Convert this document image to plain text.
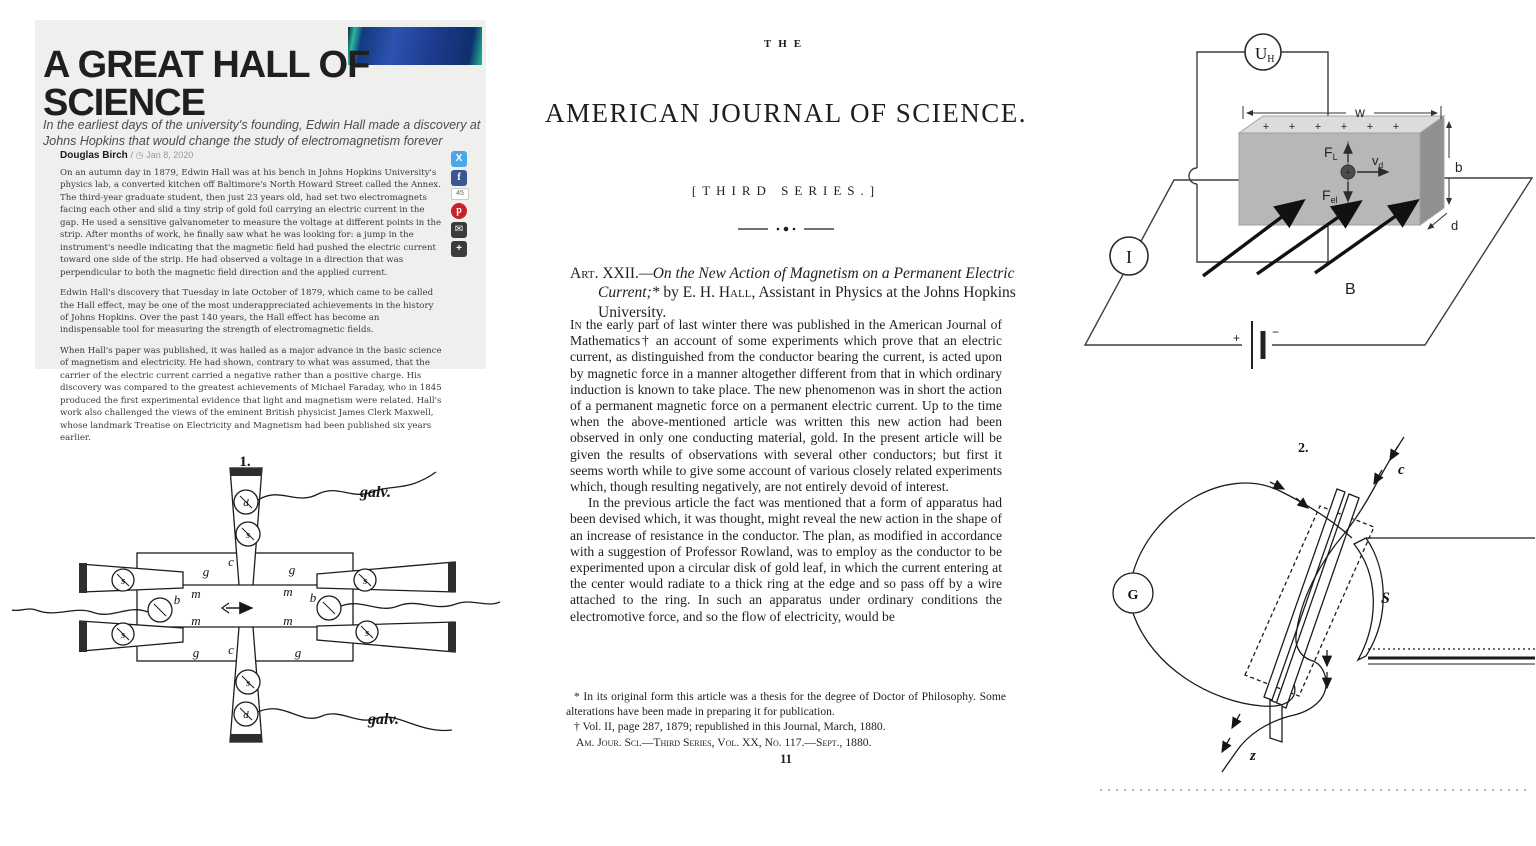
A GREAT HALL OF SCIENCE

In the earliest days of the university's founding, Edwin Hall made a discovery at Johns Hopkins that would change the study of electromagnetism forever

Douglas Birch / ◷ Jan 8, 2020

On an autumn day in 1879, Edwin Hall was at his bench in Johns Hopkins University's physics lab, a converted kitchen off Baltimore's North Howard Street called the Annex. The third-year graduate student, then just 23 years old, had set two electromagnets facing each other and slid a tiny strip of gold foil carrying an electric current in the gap. He used a sensitive galvanometer to measure the voltage at different points in the strip. After months of work, he finally saw what he was looking for: a jump in the instrument's needle indicating that the magnetic field had pushed the electric current toward one side of the strip. He had observed a voltage in a direction that was perpendicular to both the magnetic field direction and the applied current.

Edwin Hall's discovery that Tuesday in late October of 1879, which came to be called the Hall effect, may be one of the most underappreciated achievements in the history of Johns Hopkins. Over the past 140 years, the Hall effect has become an indispensable tool for measuring the strength of electromagnetic fields.

When Hall's paper was published, it was hailed as a major advance in the basic science of magnetism and electricity. He had shown, contrary to what was assumed, that the carrier of the electric current carried a negative rather than a positive charge. His discovery was compared to the greatest achievements of Michael Faraday, who in 1845 produced the first experimental evidence that light and magnetism were related. Hall's work also challenged the views of the eminent British physicist James Clerk Maxwell, whose landmark Treatise on Electricity and Magnetism had been published six years earlier.

X
f
45
p
✉
+
THE
AMERICAN JOURNAL OF SCIENCE.
[THIRD SERIES.]

Art. XXII.—On the New Action of Magnetism on a Permanent Electric Current;* by E. H. Hall, Assistant in Physics at the Johns Hopkins University.

In the early part of last winter there was published in the American Journal of Mathematics† an account of some experiments which prove that an electric current, as distinguished from the conductor bearing the current, is acted upon by magnetic force in a manner altogether different from that in which ordinary induction is known to take place. The new phenomenon was in short the action of a permanent magnetic force on a permanent electric current. Up to the time when the above-mentioned article was written this new action had been observed in only one conducting material, gold. In the present article will be given the results of observations with several other conductors; but first it seems worth while to give some account of various closely related experiments which, though resulting negatively, are not entirely devoid of interest.

In the previous article the fact was mentioned that a form of apparatus had been devised which, it was thought, might reveal the new action in the shape of an increase of resistance in the conductor. The plan, as modified in accordance with a suggestion of Professor Rowland, was to employ as the conductor to be experimented upon a circular disk of gold leaf, in which the current entering at the center would radiate to a thick ring at the edge and so pass off by a wire attached to the ring. In such an apparatus under ordinary conditions the electromotive force, and so the flow of electricity, would be

* In its original form this article was a thesis for the degree of Doctor of Philosophy. Some alterations have been made in preparing it for publication.
† Vol. II, page 287, 1879; republished in this Journal, March, 1880.
Am. Jour. Sci.—Third Series, Vol. XX, No. 117.—Sept., 1880.
11
+	−
+ + + + + +
w
b
d
+
$F_L$	$v_d$
$F_{el}$
B
UH
I
1.
g	g
g	g
c
c
m	m
m	m
b	b
d
s
s
d
s
s
s
s
galv.
galv.
2.
G	S
c
z
